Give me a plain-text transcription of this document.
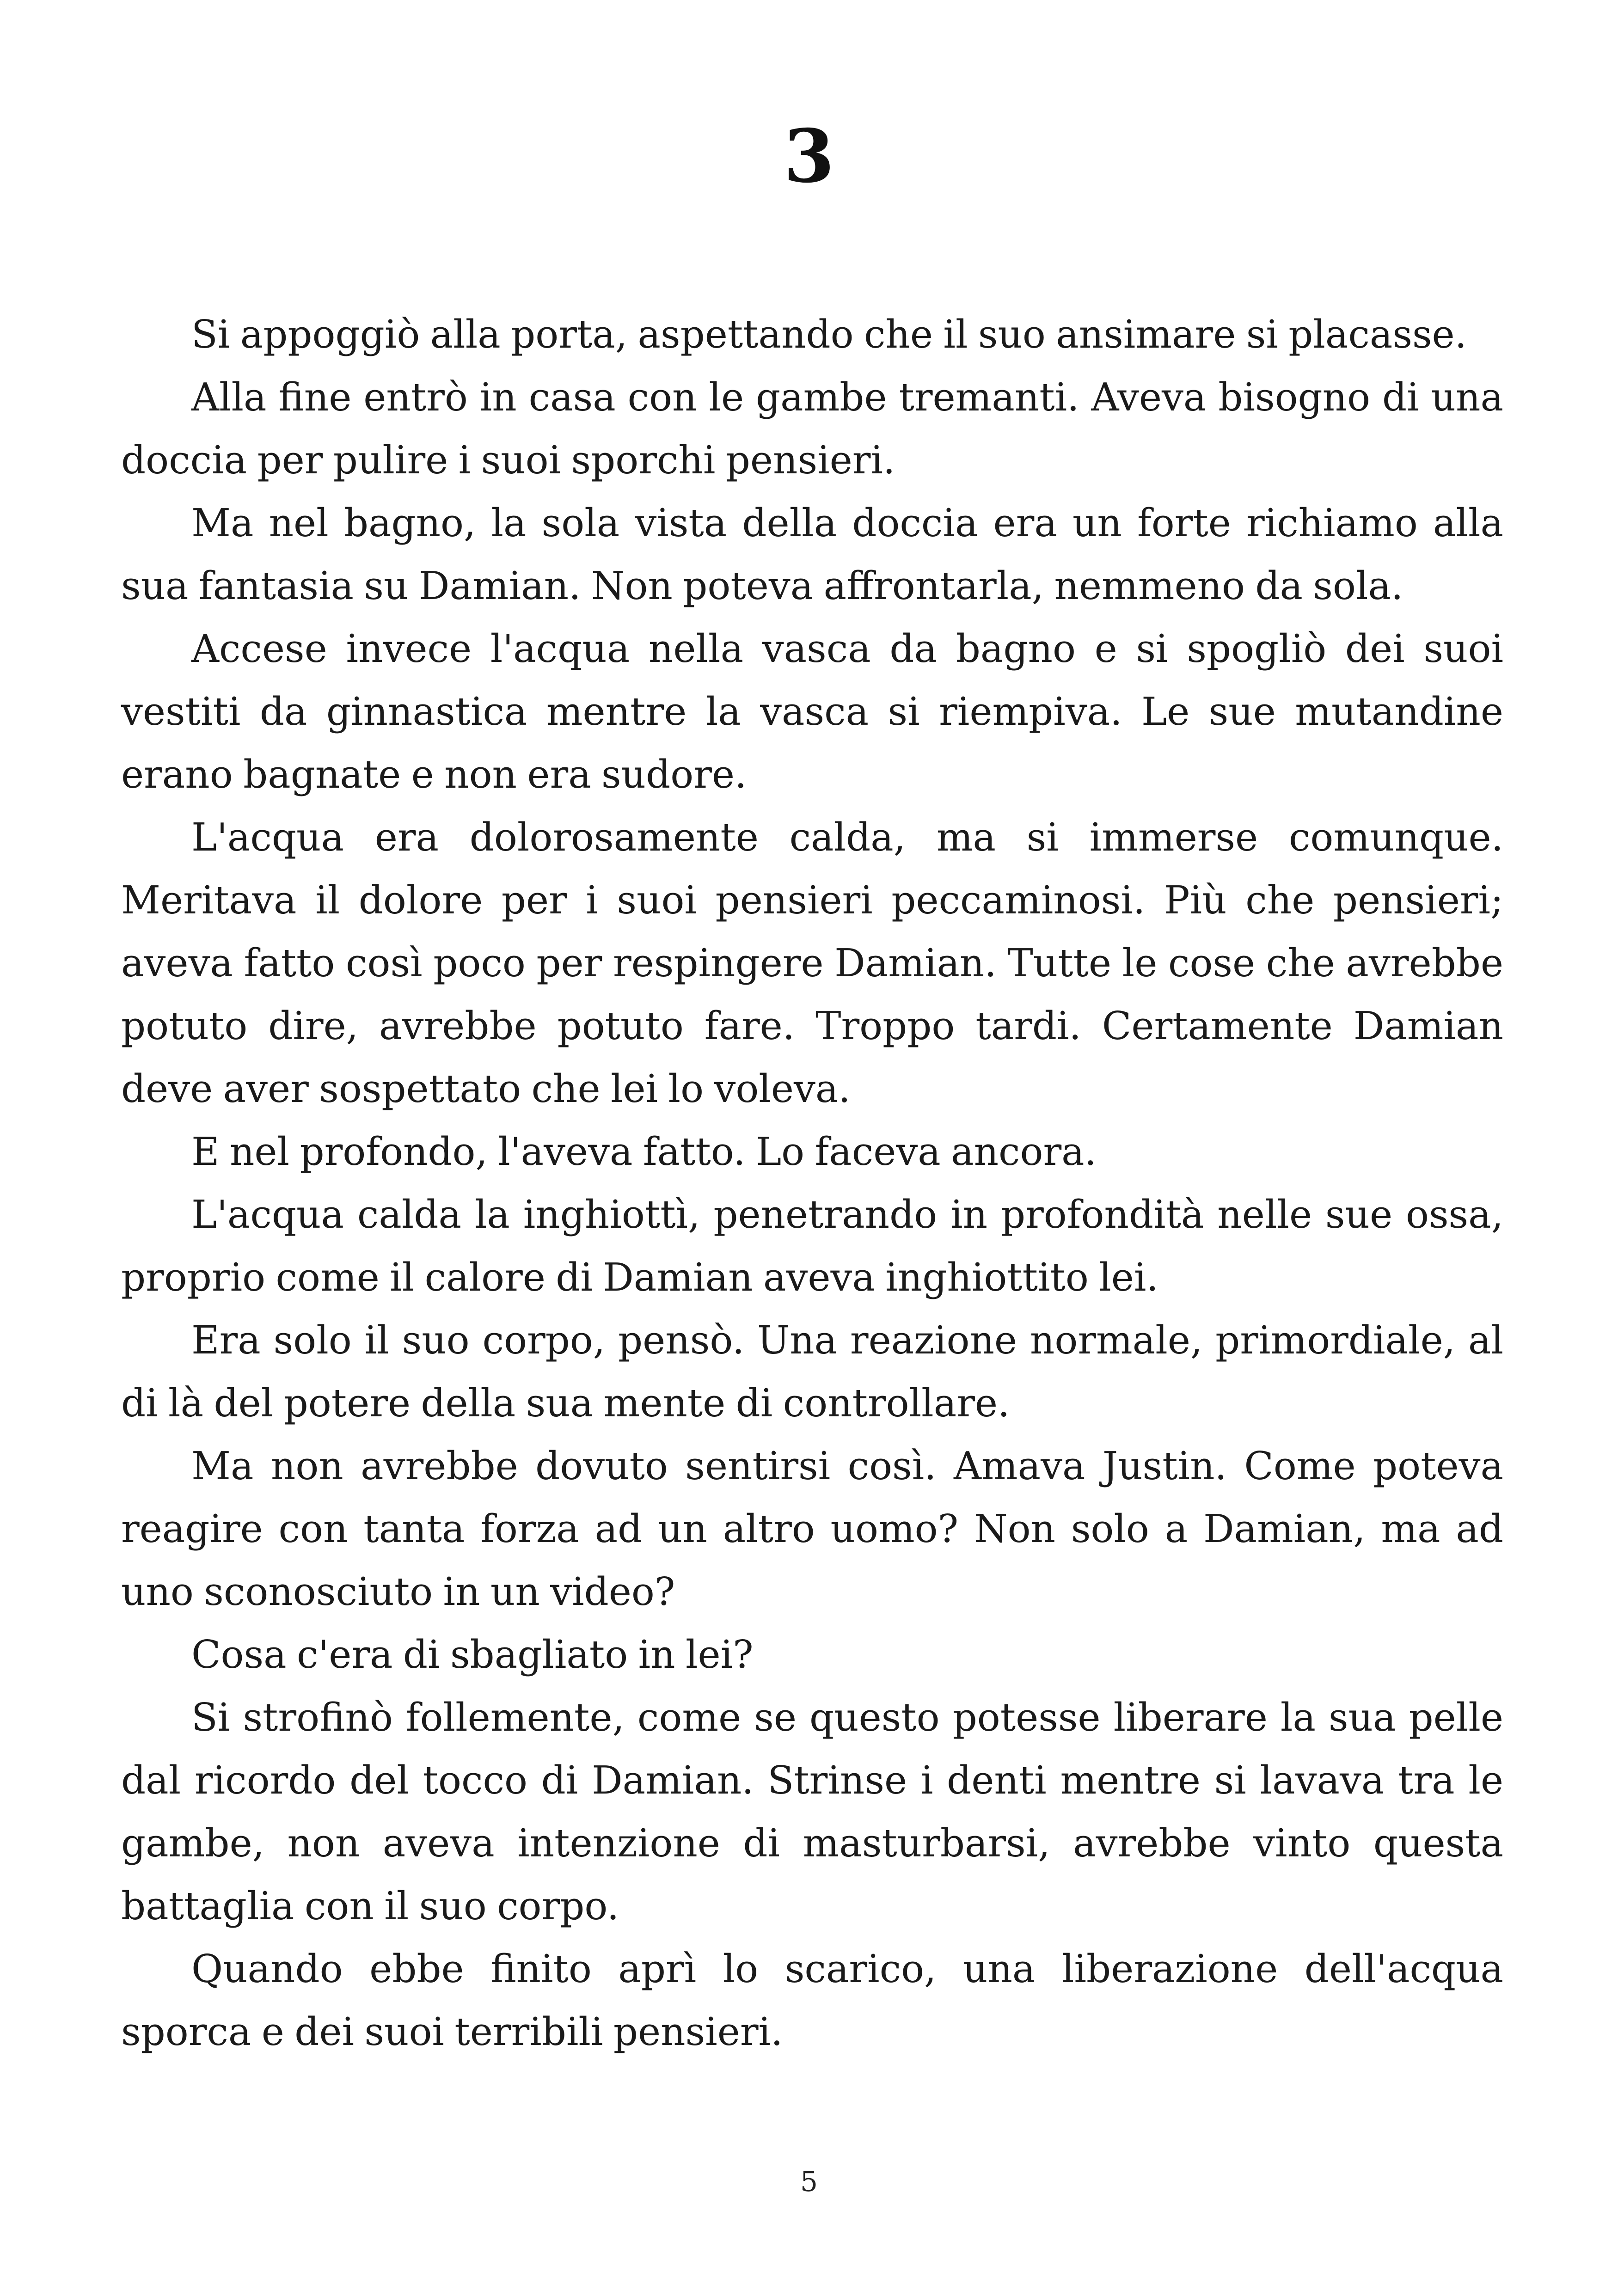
3

Si appoggiò alla porta, aspettando che il suo ansimare si placasse.

Alla fine entrò in casa con le gambe tremanti. Aveva bisogno di una doccia per pulire i suoi sporchi pensieri.

Ma nel bagno, la sola vista della doccia era un forte richiamo alla sua fantasia su Damian. Non poteva affrontarla, nemmeno da sola.

Accese invece l'acqua nella vasca da bagno e si spogliò dei suoi vestiti da ginnastica mentre la vasca si riempiva. Le sue mutandine erano bagnate e non era sudore.

L'acqua era dolorosamente calda, ma si immerse comunque. Meritava il dolore per i suoi pensieri peccaminosi. Più che pensieri; aveva fatto così poco per respingere Damian. Tutte le cose che avrebbe potuto dire, avrebbe potuto fare. Troppo tardi. Certamente Damian deve aver sospettato che lei lo voleva.

E nel profondo, l'aveva fatto. Lo faceva ancora.

L'acqua calda la inghiottì, penetrando in profondità nelle sue ossa, proprio come il calore di Damian aveva inghiottito lei.

Era solo il suo corpo, pensò. Una reazione normale, primordiale, al di là del potere della sua mente di controllare.

Ma non avrebbe dovuto sentirsi così. Amava Justin. Come poteva reagire con tanta forza ad un altro uomo? Non solo a Damian, ma ad uno sconosciuto in un video?

Cosa c'era di sbagliato in lei?

Si strofinò follemente, come se questo potesse liberare la sua pelle dal ricordo del tocco di Damian. Strinse i denti mentre si lavava tra le gambe, non aveva intenzione di masturbarsi, avrebbe vinto questa battaglia con il suo corpo.

Quando ebbe finito aprì lo scarico, una liberazione dell'acqua sporca e dei suoi terribili pensieri.

5
